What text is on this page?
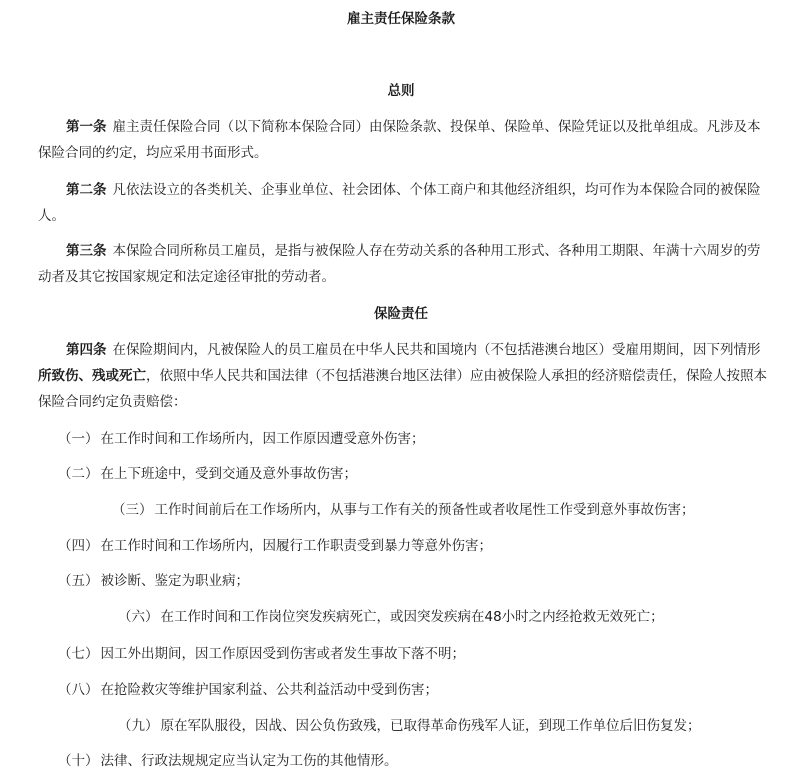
雇主责任保险条款
总则

第一条 雇主责任保险合同（以下简称本保险合同）由保险条款、投保单、保险单、保险凭证以及批单组成。凡涉及本保险合同的约定，均应采用书面形式。

第二条 凡依法设立的各类机关、企事业单位、社会团体、个体工商户和其他经济组织，均可作为本保险合同的被保险人。

第三条 本保险合同所称员工雇员，是指与被保险人存在劳动关系的各种用工形式、各种用工期限、年满十六周岁的劳动者及其它按国家规定和法定途径审批的劳动者。

保险责任

第四条 在保险期间内，凡被保险人的员工雇员在中华人民共和国境内（不包括港澳台地区）受雇用期间，因下列情形所致伤、残或死亡，依照中华人民共和国法律（不包括港澳台地区法律）应由被保险人承担的经济赔偿责任，保险人按照本保险合同约定负责赔偿：

（一） 在工作时间和工作场所内，因工作原因遭受意外伤害；
（二） 在上下班途中，受到交通及意外事故伤害；
（三） 工作时间前后在工作场所内，从事与工作有关的预备性或者收尾性工作受到意外事故伤害；
（四） 在工作时间和工作场所内，因履行工作职责受到暴力等意外伤害；
（五） 被诊断、鉴定为职业病；
（六） 在工作时间和工作岗位突发疾病死亡，或因突发疾病在48小时之内经抢救无效死亡；
（七） 因工外出期间，因工作原因受到伤害或者发生事故下落不明；
（八） 在抢险救灾等维护国家利益、公共利益活动中受到伤害；
（九） 原在军队服役，因战、因公负伤致残，已取得革命伤残军人证，到现工作单位后旧伤复发；
（十） 法律、行政法规规定应当认定为工伤的其他情形。
